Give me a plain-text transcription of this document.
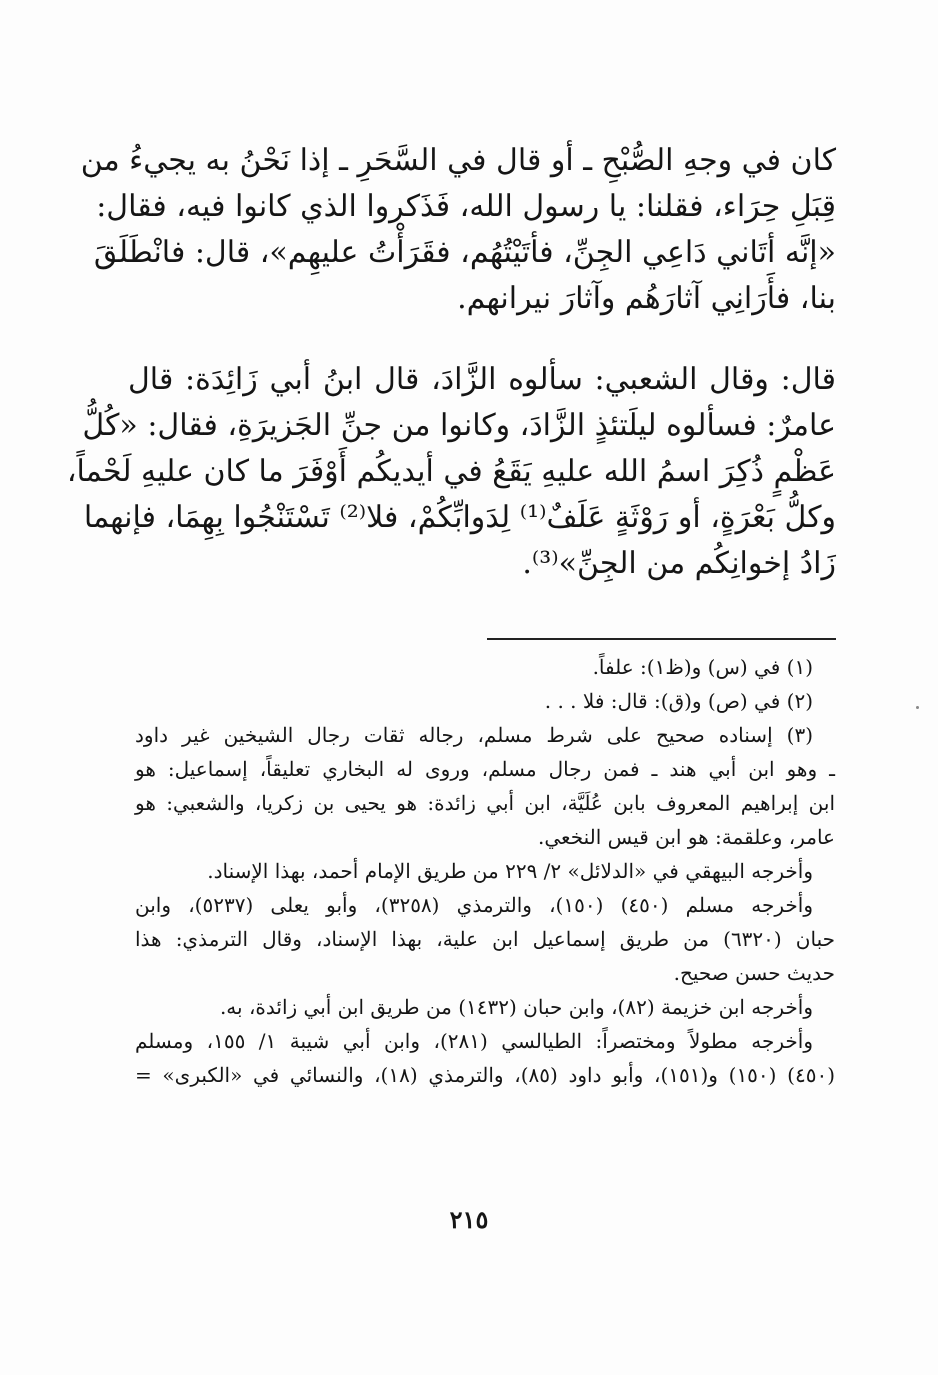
كان في وجهِ الصُّبْحِ ـ أو قال في السَّحَرِ ـ إذا نَحْنُ به يجيءُ من
قِبَلِ حِرَاء، فقلنا: يا رسول الله، فَذَكروا الذي كانوا فيه، فقال:
«إنَّه أتَاني دَاعِي الجِنِّ، فأتَيْتُهُم، فقَرَأْتُ عليهِم»، قال: فانْطَلَقَ
بنا، فأَرَانِي آثارَهُم وآثارَ نيرانهم.
قال: وقال الشعبي: سألوه الزَّادَ، قال ابنُ أبي زَائِدَة: قال
عامرٌ: فسألوه ليلَتئذٍ الزَّادَ، وكانوا من جنِّ الجَزيرَةِ، فقال: «كُلُّ
عَظْمٍ ذُكِرَ اسمُ الله عليهِ يَقَعُ في أيديكُم أَوْفَرَ ما كان عليهِ لَحْماً،
وكلُّ بَعْرَةٍ، أو رَوْثَةٍ عَلَفٌ⁽¹⁾ لِدَوابِّكُمْ، فلا⁽²⁾ تَسْتَنْجُوا بِهِمَا، فإنهما
زَادُ إخوانِكُم من الجِنِّ»⁽³⁾.
(١) في (س) و(ظ١): علفاً.
(٢) في (ص) و(ق): قال: فلا . . .
(٣) إسناده صحيح على شرط مسلم، رجاله ثقات رجال الشيخين غير داود
ـ وهو ابن أبي هند ـ فمن رجال مسلم، وروى له البخاري تعليقاً، إسماعيل: هو
ابن إبراهيم المعروف بابن عُلَيَّة، ابن أبي زائدة: هو يحيى بن زكريا، والشعبي: هو
عامر، وعلقمة: هو ابن قيس النخعي.
وأخرجه البيهقي في «الدلائل» ٢/ ٢٢٩ من طريق الإمام أحمد، بهذا الإسناد.
وأخرجه مسلم (٤٥٠) (١٥٠)، والترمذي (٣٢٥٨)، وأبو يعلى (٥٢٣٧)، وابن
حبان (٦٣٢٠) من طريق إسماعيل ابن علية، بهذا الإسناد، وقال الترمذي: هذا
حديث حسن صحيح.
وأخرجه ابن خزيمة (٨٢)، وابن حبان (١٤٣٢) من طريق ابن أبي زائدة، به.
وأخرجه مطولاً ومختصراً: الطيالسي (٢٨١)، وابن أبي شيبة ١/ ١٥٥، ومسلم
(٤٥٠) (١٥٠) و(١٥١)، وأبو داود (٨٥)، والترمذي (١٨)، والنسائي في «الكبرى» =
٢١٥
